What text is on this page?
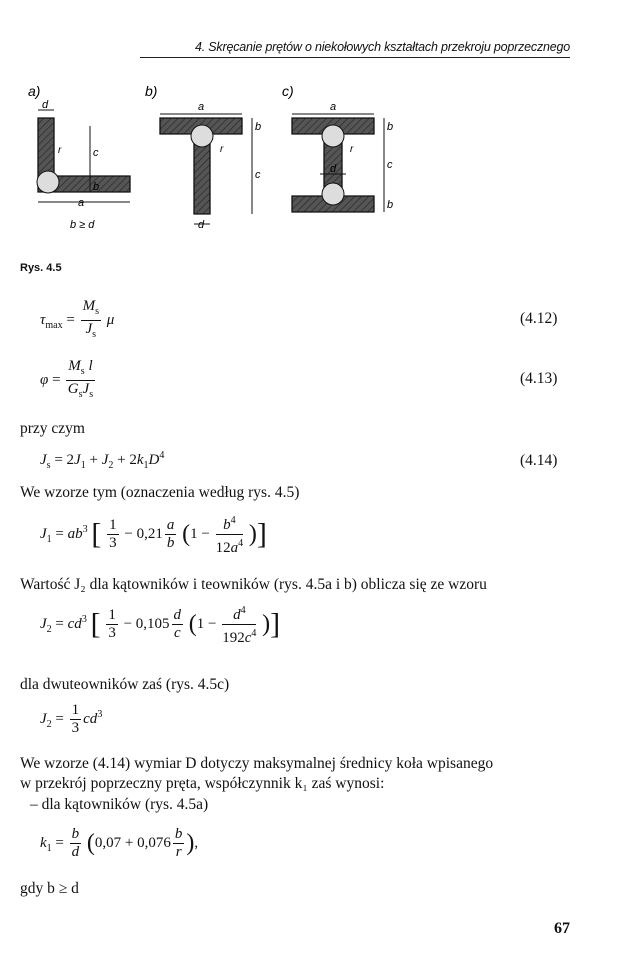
4. Skręcanie prętów o niekołowych kształtach przekroju poprzecznego
a)
d
c
b
a
r
b ≥ d
b)
a
b
c
d
r
c)
a
b
c
b
d
r
Rys. 4.5
$\tau_{max} = \frac{M_s}{J_s}$ μ	(4.12)
$\varphi = \frac{M_s l}{G_sJ_s}$	(4.13)
przy czym
$J_s = 2J_1 + J_2 + 2k_1D^4$	(4.14)
We wzorze tym (oznaczenia według rys. 4.5)
$J_1 = ab^3$ [ $\frac{1}{3} - 0,21 \frac{a}{b} (1 - \frac{b^4}{12a^4}$ )]
Wartość J₂ dla kątowników i teowników (rys. 4.5a i b) oblicza się ze wzoru
$J_2 = cd^3$ [ $\frac{1}{3} - 0,105 \frac{d}{c} (1 - \frac{d^4}{192c^4}$ )]
dla dwuteowników zaś (rys. 4.5c)
$J_2 = \frac{1}{3} cd^3$
We wzorze (4.14) wymiar D dotyczy maksymalnej średnicy koła wpisanego
w przekrój poprzeczny pręta, współczynnik k₁ zaś wynosi:
– dla kątowników (rys. 4.5a)
$k_1 = \frac{b}{d} (0,07 + 0,076 \frac{b}{r}$ ),
gdy b ≥ d
67
